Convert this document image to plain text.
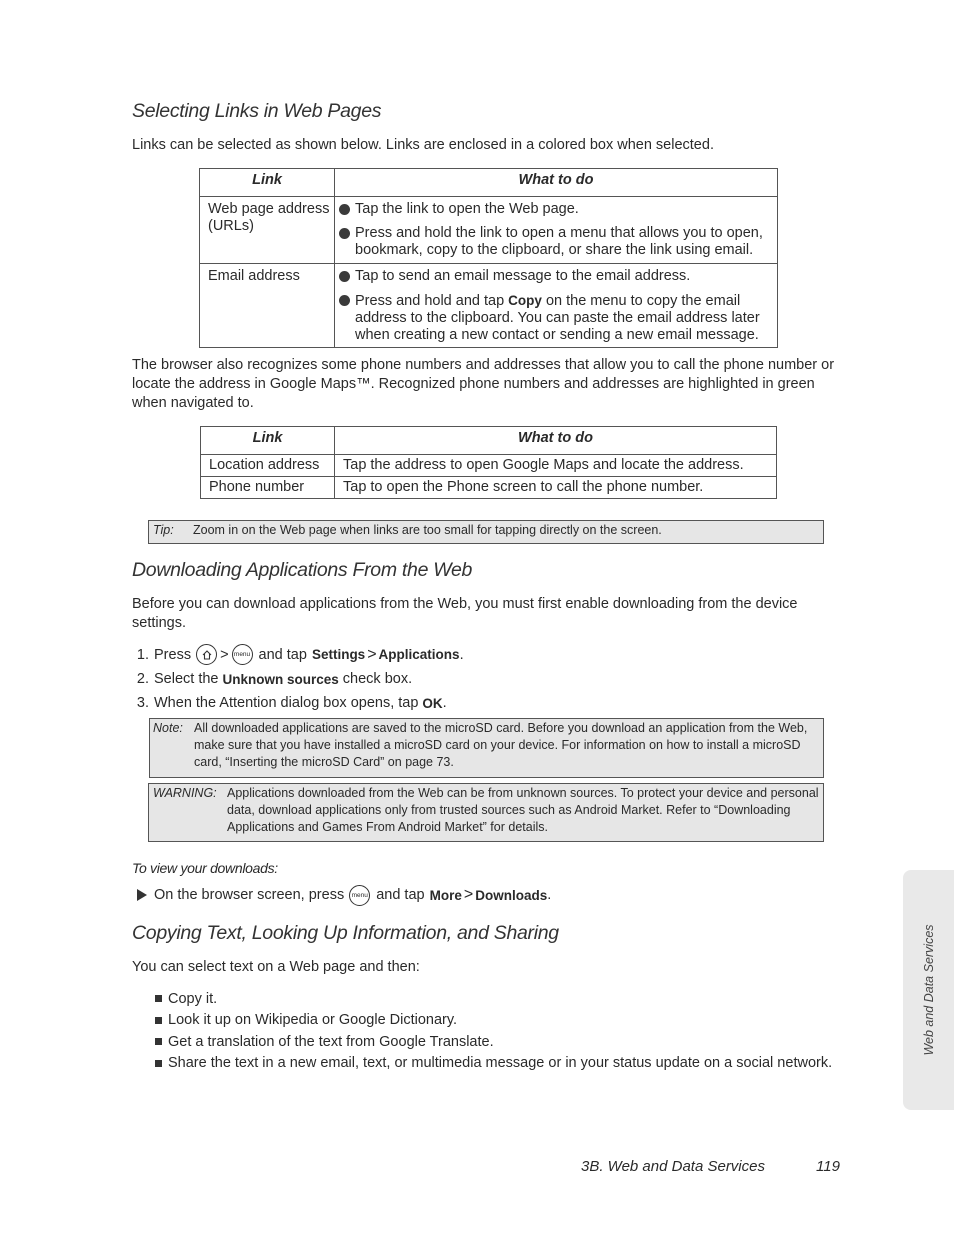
Selecting Links in Web Pages

Links can be selected as shown below. Links are enclosed in a colored box when selected.

Link	What to do
Web page address (URLs)	Tap the link to open the Web page.
Press and hold the link to open a menu that allows you to open, bookmark, copy to the clipboard, or share the link using email.

Email address	Tap to send an email message to the email address.
Press and hold and tap Copy on the menu to copy the email address to the clipboard. You can paste the email address later when creating a new contact or sending a new email message.

The browser also recognizes some phone numbers and addresses that allow you to call the phone number or locate the address in Google Maps™. Recognized phone numbers and addresses are highlighted in green when navigated to.

Link	What to do
Location address	Tap the address to open Google Maps and locate the address.
Phone number	Tap to open the Phone screen to call the phone number.
Tip: Zoom in on the Web page when links are too small for tapping directly on the screen.
Downloading Applications From the Web

Before you can download applications from the Web, you must first enable downloading from the device settings.

1. Press > menu and tap Settings > Applications .
2. Select the Unknown sources check box.
3. When the Attention dialog box opens, tap OK .
Note: All downloaded applications are saved to the microSD card. Before you download an application from the Web, make sure that you have installed a microSD card on your device. For information on how to install a microSD card, “Inserting the microSD Card” on page 73.
WARNING: Applications downloaded from the Web can be from unknown sources. To protect your device and personal data, download applications only from trusted sources such as Android Market. Refer to “Downloading Applications and Games From Android Market” for details.
To view your downloads:
On the browser screen, press	menu and tap More > Downloads .
Copying Text, Looking Up Information, and Sharing

You can select text on a Web page and then:

Copy it.
Look it up on Wikipedia or Google Dictionary.
Get a translation of the text from Google Translate.
Share the text in a new email, text, or multimedia message or in your status update on a social network.
Web and Data Services
3B. Web and Data Services	119
